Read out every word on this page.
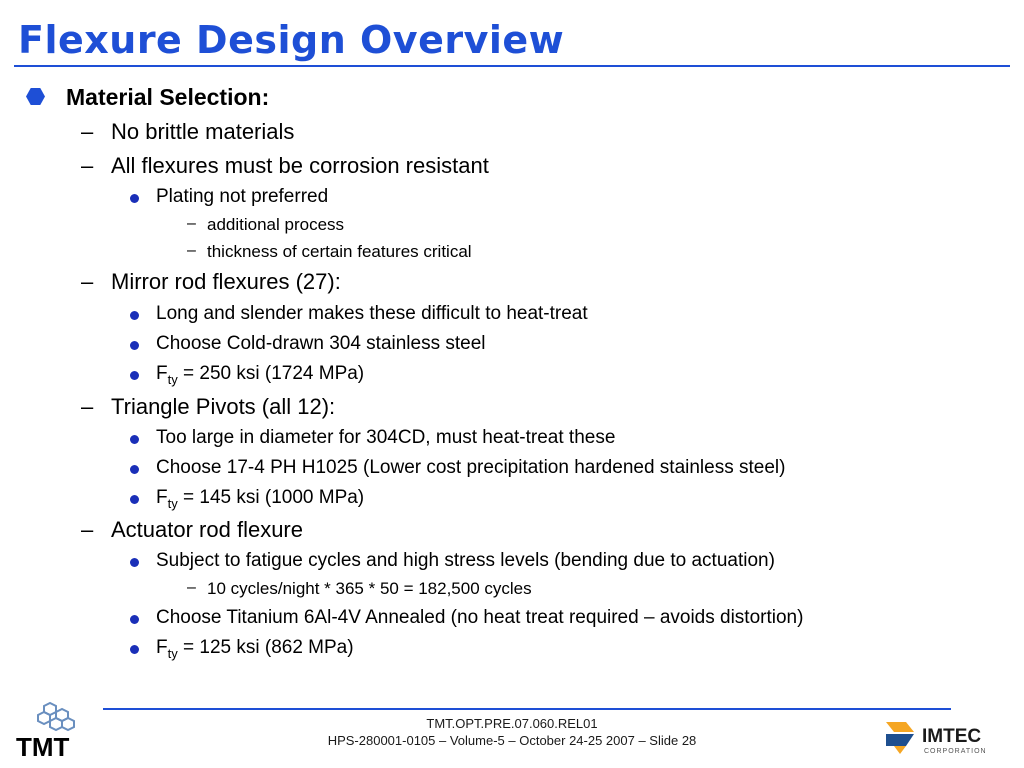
Flexure Design Overview
Material Selection:
– No brittle materials
– All flexures must be corrosion resistant
Plating not preferred
– additional process
– thickness of certain features critical
– Mirror rod flexures (27):
Long and slender makes these difficult to heat-treat
Choose Cold-drawn 304 stainless steel
$F_{ty} = 250$ ksi (1724 MPa)
– Triangle Pivots (all 12):
Too large in diameter for 304CD, must heat-treat these
Choose 17-4 PH H1025 (Lower cost precipitation hardened stainless steel)
$F_{ty} = 145$ ksi (1000 MPa)
– Actuator rod flexure
Subject to fatigue cycles and high stress levels (bending due to actuation)
– 10 cycles/night * 365 * 50 = 182,500 cycles
Choose Titanium 6Al-4V Annealed (no heat treat required – avoids distortion)
$F_{ty} = 125$ ksi (862 MPa)
TMT.OPT.PRE.07.060.REL01
HPS-280001-0105 – Volume-5 – October 24-25 2007 – Slide 28
TMT	IMTEC
CORPORATION
